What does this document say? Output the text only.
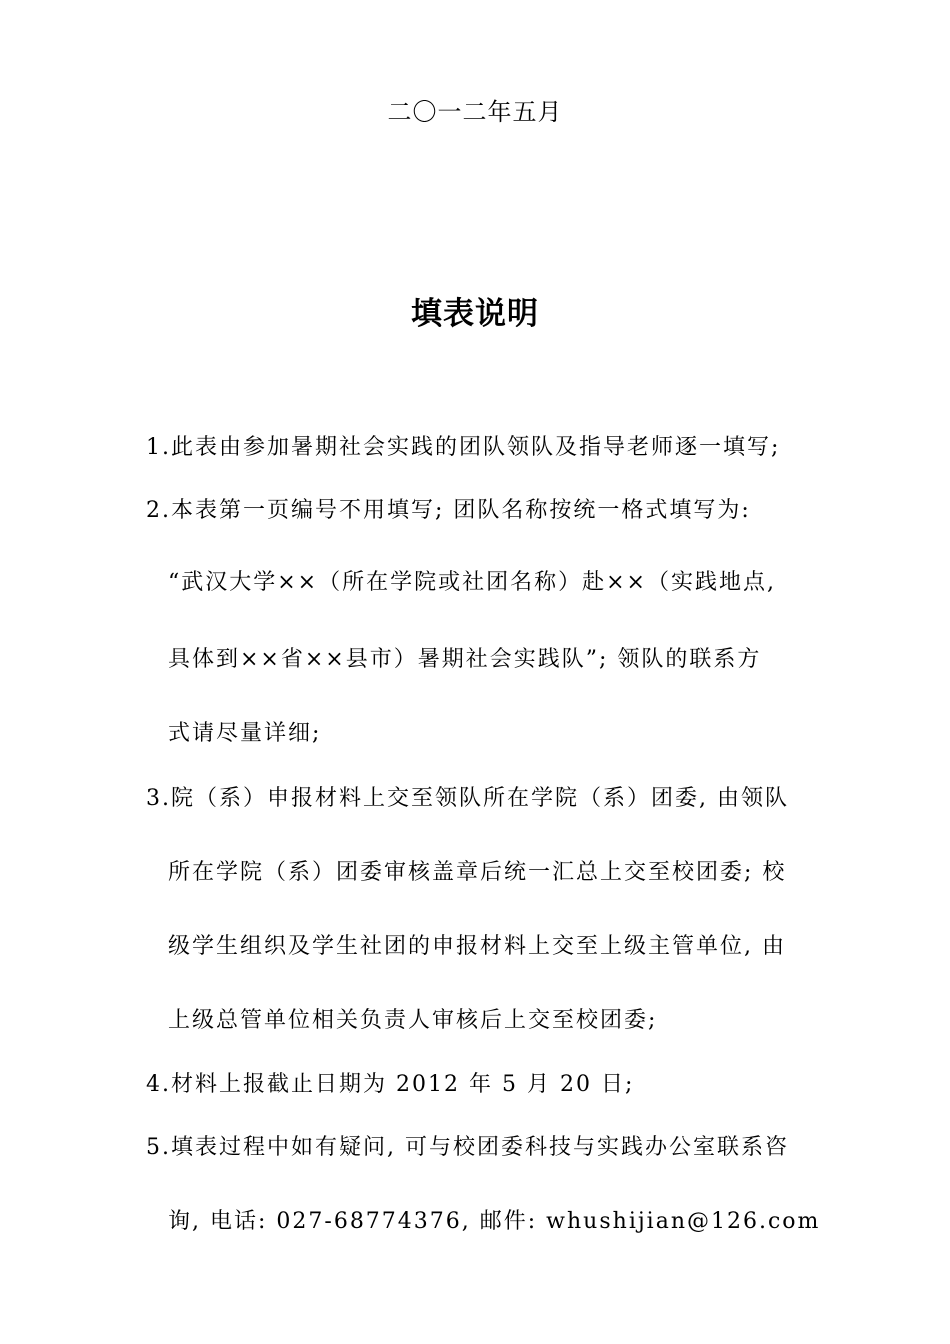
二〇一二年五月
填表说明
1.此表由参加暑期社会实践的团队领队及指导老师逐一填写;
2.本表第一页编号不用填写; 团队名称按统一格式填写为:
“武汉大学××（所在学院或社团名称）赴××（实践地点,
具体到××省××县市）暑期社会实践队”; 领队的联系方
式请尽量详细;
3.院（系）申报材料上交至领队所在学院（系）团委, 由领队
所在学院（系）团委审核盖章后统一汇总上交至校团委; 校
级学生组织及学生社团的申报材料上交至上级主管单位, 由
上级总管单位相关负责人审核后上交至校团委;
4.材料上报截止日期为 2012 年 5 月 20 日;
5.填表过程中如有疑问, 可与校团委科技与实践办公室联系咨
询, 电话: 027-68774376, 邮件: whushijian@126.com
